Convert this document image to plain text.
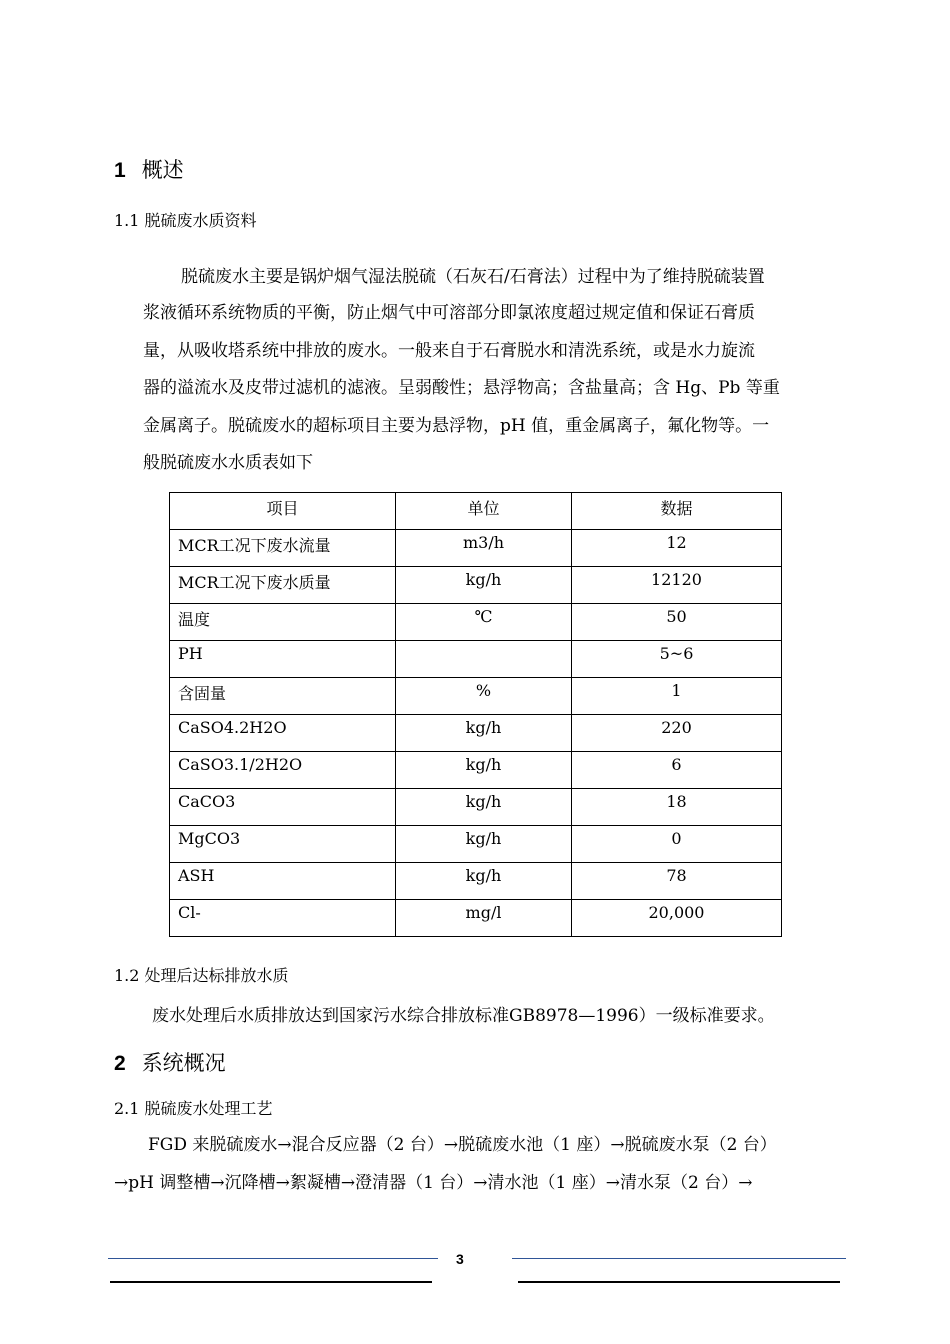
1 概述
1.1 脱硫废水质资料
脱硫废水主要是锅炉烟气湿法脱硫（石灰石/石膏法）过程中为了维持脱硫装置
浆液循环系统物质的平衡，防止烟气中可溶部分即氯浓度超过规定值和保证石膏质
量，从吸收塔系统中排放的废水。一般来自于石膏脱水和清洗系统，或是水力旋流
器的溢流水及皮带过滤机的滤液。呈弱酸性；悬浮物高；含盐量高；含 Hg、Pb 等重
金属离子。脱硫废水的超标项目主要为悬浮物，pH 值，重金属离子，氟化物等。一
般脱硫废水水质表如下
项目	单位	数据
MCR工况下废水流量	m3/h	12
MCR工况下废水质量	kg/h	12120
温度	℃	50
PH		5~6
含固量	%	1
CaSO4.2H2O	kg/h	220
CaSO3.1/2H2O	kg/h	6
CaCO3	kg/h	18
MgCO3	kg/h	0
ASH	kg/h	78
Cl-	mg/l	20,000
1.2 处理后达标排放水质
废水处理后水质排放达到国家污水综合排放标准GB8978—1996）一级标准要求。
2 系统概况
2.1 脱硫废水处理工艺
FGD 来脱硫废水→混合反应器（2 台）→脱硫废水池（1 座）→脱硫废水泵（2 台）
→pH 调整槽→沉降槽→絮凝槽→澄清器（1 台）→清水池（1 座）→清水泵（2 台）→
3
